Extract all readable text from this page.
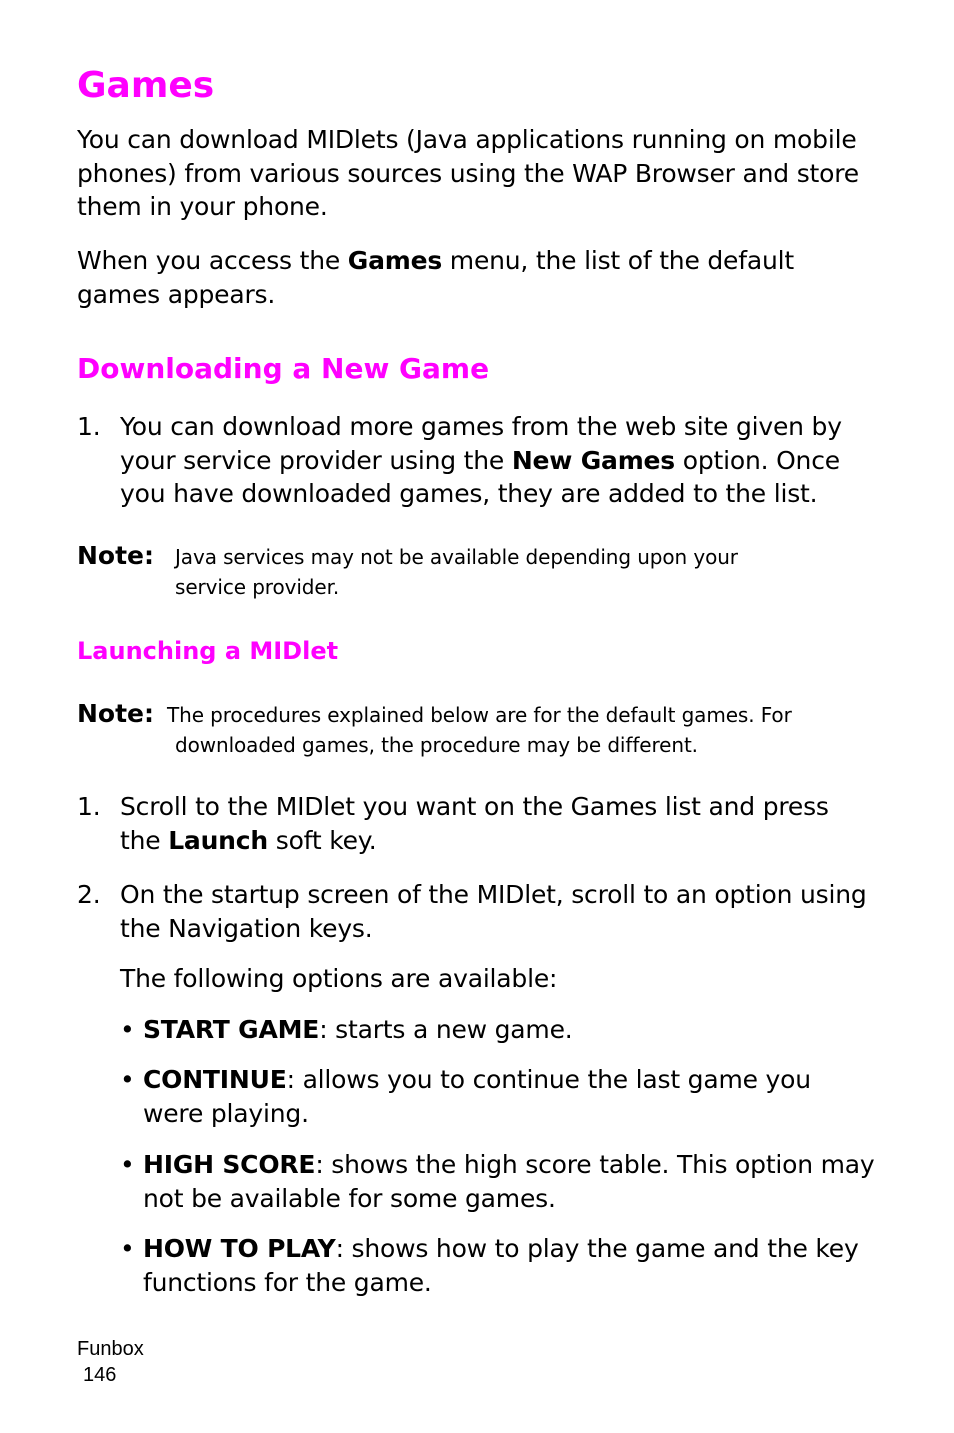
Games

You can download MIDlets (Java applications running on mobile phones) from various sources using the WAP Browser and store them in your phone.

When you access the Games menu, the list of the default games appears.

Downloading a New Game
1. You can download more games from the web site given by your service provider using the New Games option. Once you have downloaded games, they are added to the list.
Note: Java services may not be available depending upon your
service provider.
Launching a MIDlet
Note: The procedures explained below are for the default games. For
downloaded games, the procedure may be different.
1. Scroll to the MIDlet you want on the Games list and press the Launch soft key.
2. On the startup screen of the MIDlet, scroll to an option using the Navigation keys.

The following options are available:

• START GAME: starts a new game.
• CONTINUE: allows you to continue the last game you were playing.
• HIGH SCORE: shows the high score table. This option may not be available for some games.
• HOW TO PLAY: shows how to play the game and the key functions for the game.
Funbox
146
